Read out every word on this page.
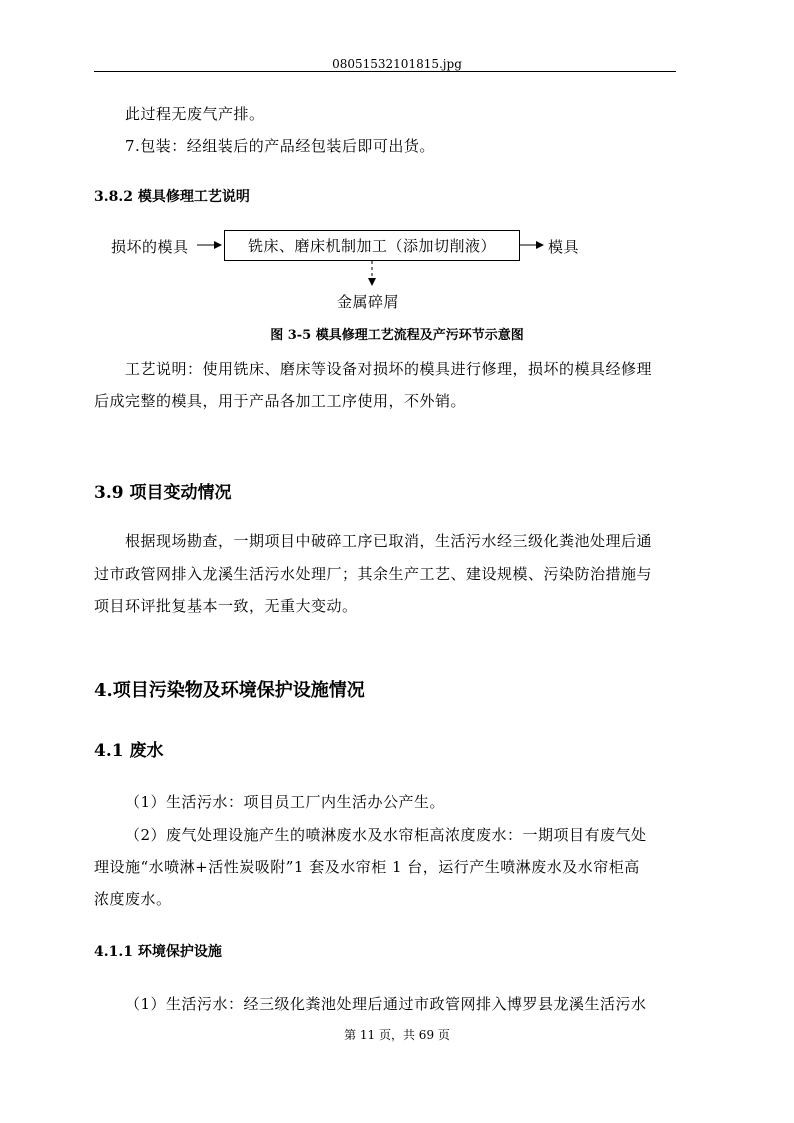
08051532101815.jpg
此过程无废气产排。
7.包装：经组装后的产品经包装后即可出货。
3.8.2 模具修理工艺说明
损坏的模具	铣床、磨床机制加工（添加切削液）	模具
金属碎屑
图 3-5 模具修理工艺流程及产污环节示意图
工艺说明：使用铣床、磨床等设备对损坏的模具进行修理，损坏的模具经修理
后成完整的模具，用于产品各加工工序使用，不外销。
3.9 项目变动情况
根据现场勘查，一期项目中破碎工序已取消，生活污水经三级化粪池处理后通
过市政管网排入龙溪生活污水处理厂；其余生产工艺、建设规模、污染防治措施与
项目环评批复基本一致，无重大变动。
4.项目污染物及环境保护设施情况
4.1 废水
（1）生活污水：项目员工厂内生活办公产生。
（2）废气处理设施产生的喷淋废水及水帘柜高浓度废水：一期项目有废气处
理设施“水喷淋+活性炭吸附”1 套及水帘柜 1 台，运行产生喷淋废水及水帘柜高
浓度废水。
4.1.1 环境保护设施
（1）生活污水：经三级化粪池处理后通过市政管网排入博罗县龙溪生活污水
第 11 页，共 69 页
